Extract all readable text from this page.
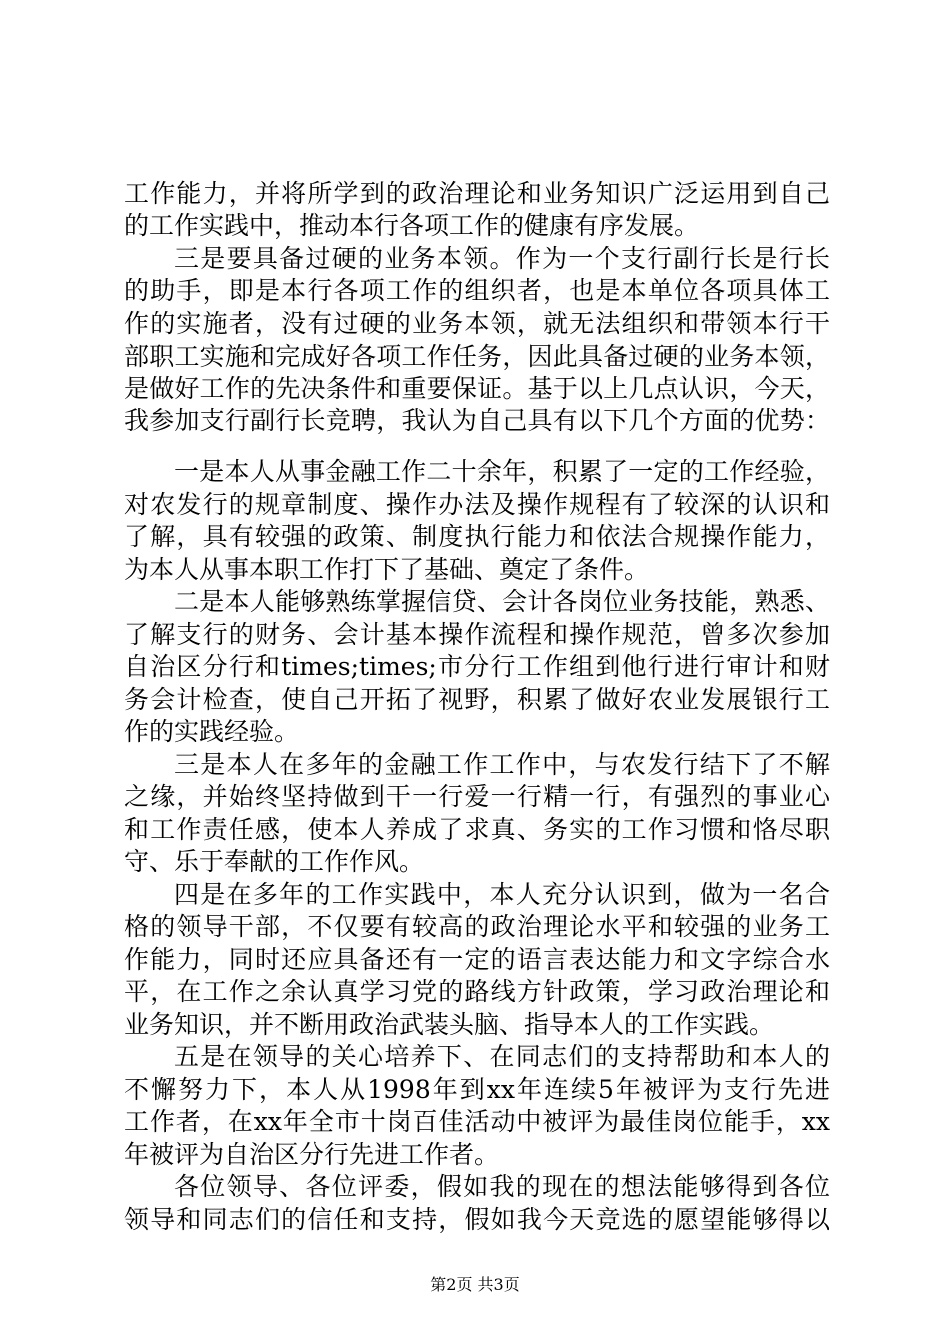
工作能力，并将所学到的政治理论和业务知识广泛运用到自己
的工作实践中，推动本行各项工作的健康有序发展。
三是要具备过硬的业务本领。作为一个支行副行长是行长
的助手，即是本行各项工作的组织者，也是本单位各项具体工
作的实施者，没有过硬的业务本领，就无法组织和带领本行干
部职工实施和完成好各项工作任务，因此具备过硬的业务本领，
是做好工作的先决条件和重要保证。基于以上几点认识，今天，
我参加支行副行长竞聘，我认为自己具有以下几个方面的优势：
一是本人从事金融工作二十余年，积累了一定的工作经验，
对农发行的规章制度、操作办法及操作规程有了较深的认识和
了解，具有较强的政策、制度执行能力和依法合规操作能力，
为本人从事本职工作打下了基础、奠定了条件。
二是本人能够熟练掌握信贷、会计各岗位业务技能，熟悉、
了解支行的财务、会计基本操作流程和操作规范，曾多次参加
自治区分行和times;times;市分行工作组到他行进行审计和财
务会计检查，使自己开拓了视野，积累了做好农业发展银行工
作的实践经验。
三是本人在多年的金融工作工作中，与农发行结下了不解
之缘，并始终坚持做到干一行爱一行精一行，有强烈的事业心
和工作责任感，使本人养成了求真、务实的工作习惯和恪尽职
守、乐于奉献的工作作风。
四是在多年的工作实践中，本人充分认识到，做为一名合
格的领导干部，不仅要有较高的政治理论水平和较强的业务工
作能力，同时还应具备还有一定的语言表达能力和文字综合水
平，在工作之余认真学习党的路线方针政策，学习政治理论和
业务知识，并不断用政治武装头脑、指导本人的工作实践。
五是在领导的关心培养下、在同志们的支持帮助和本人的
不懈努力下，本人从1998年到xx年连续5年被评为支行先进
工作者，在xx年全市十岗百佳活动中被评为最佳岗位能手，xx
年被评为自治区分行先进工作者。
各位领导、各位评委，假如我的现在的想法能够得到各位
领导和同志们的信任和支持，假如我今天竞选的愿望能够得以
第2页 共3页
